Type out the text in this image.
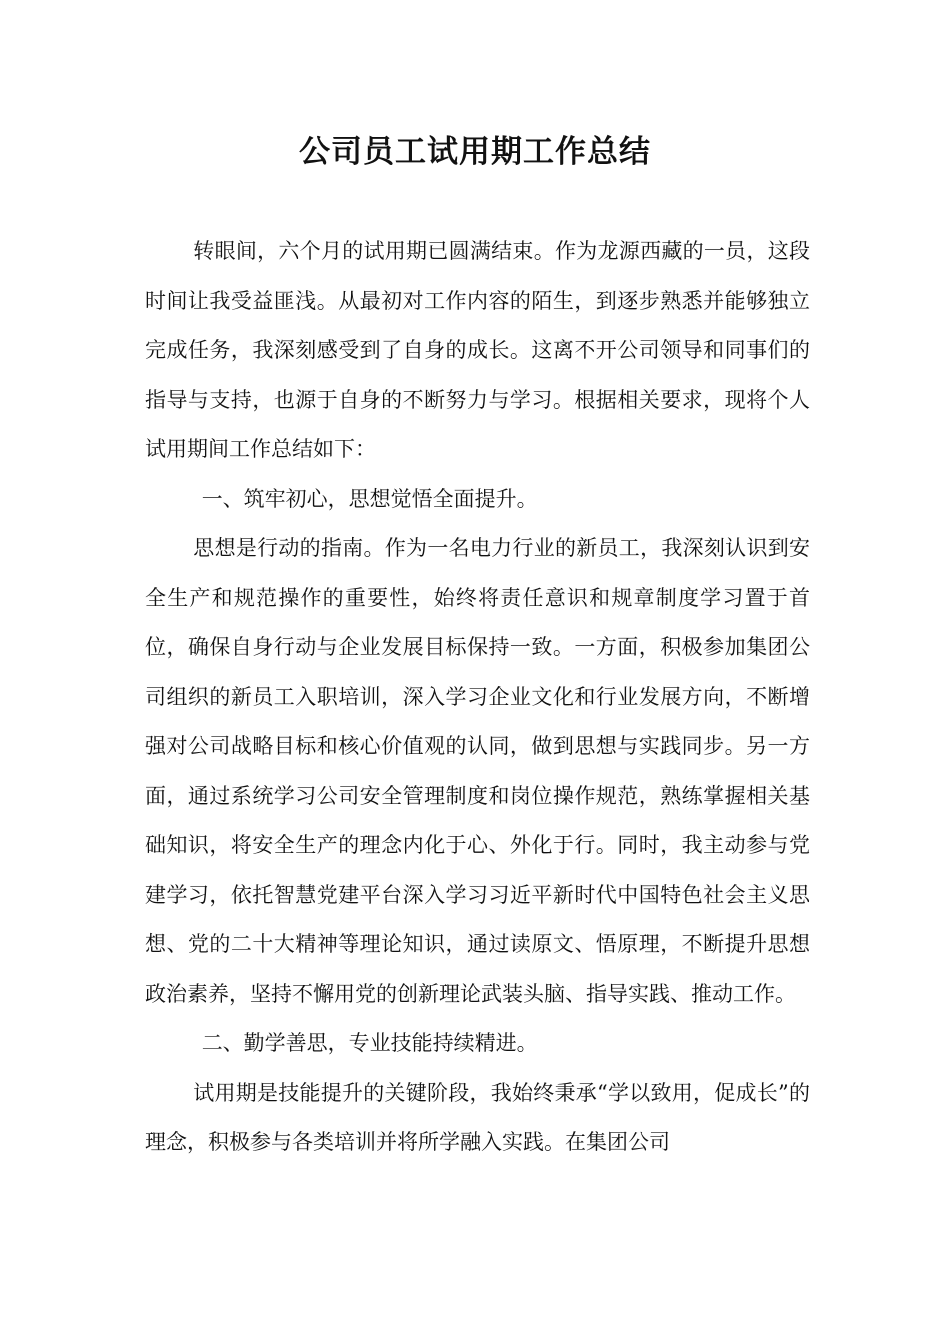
公司员工试用期工作总结

转眼间，六个月的试用期已圆满结束。作为龙源西藏的一员，这段时间让我受益匪浅。从最初对工作内容的陌生，到逐步熟悉并能够独立完成任务，我深刻感受到了自身的成长。这离不开公司领导和同事们的指导与支持，也源于自身的不断努力与学习。根据相关要求，现将个人试用期间工作总结如下：

一、筑牢初心，思想觉悟全面提升。

思想是行动的指南。作为一名电力行业的新员工，我深刻认识到安全生产和规范操作的重要性，始终将责任意识和规章制度学习置于首位，确保自身行动与企业发展目标保持一致。一方面，积极参加集团公司组织的新员工入职培训，深入学习企业文化和行业发展方向，不断增强对公司战略目标和核心价值观的认同，做到思想与实践同步。另一方面，通过系统学习公司安全管理制度和岗位操作规范，熟练掌握相关基础知识，将安全生产的理念内化于心、外化于行。同时，我主动参与党建学习，依托智慧党建平台深入学习习近平新时代中国特色社会主义思想、党的二十大精神等理论知识，通过读原文、悟原理，不断提升思想政治素养，坚持不懈用党的创新理论武装头脑、指导实践、推动工作。

二、勤学善思，专业技能持续精进。

试用期是技能提升的关键阶段，我始终秉承“学以致用，促成长”的理念，积极参与各类培训并将所学融入实践。在集团公司
